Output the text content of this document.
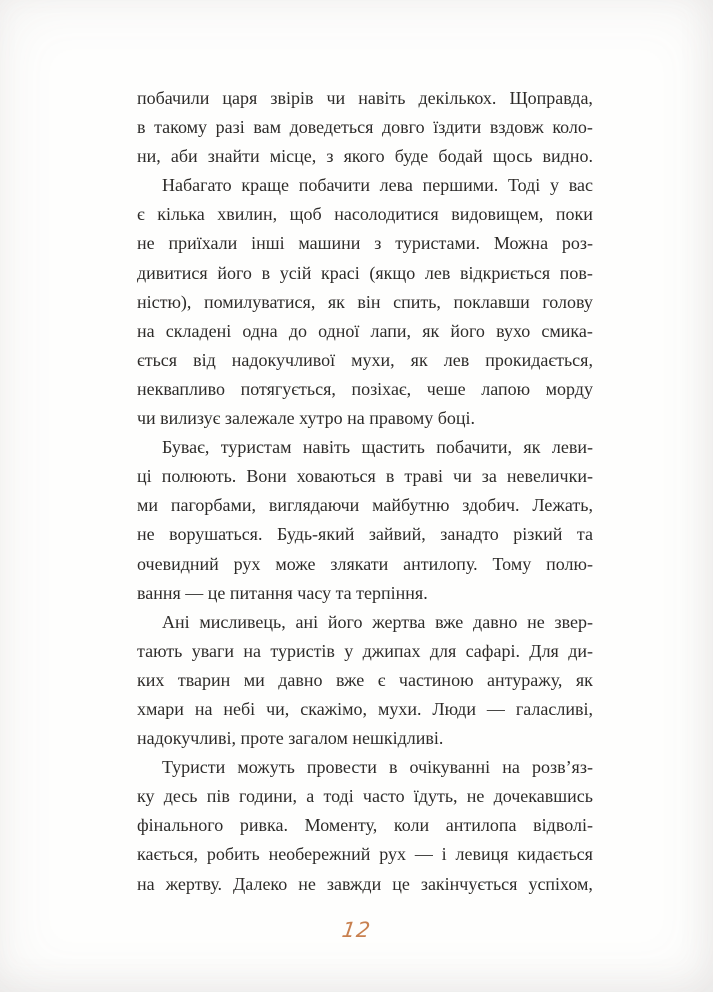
побачили царя звірів чи навіть декількох. Щоправда,
в такому разі вам доведеться довго їздити вздовж коло-
ни, аби знайти місце, з якого буде бодай щось видно.
Набагато краще побачити лева першими. Тоді у вас
є кілька хвилин, щоб насолодитися видовищем, поки
не приїхали інші машини з туристами. Можна роз-
дивитися його в усій красі (якщо лев відкриється пов-
ністю), помилуватися, як він спить, поклавши голову
на складені одна до одної лапи, як його вухо смика-
ється від надокучливої мухи, як лев прокидається,
неквапливо потягується, позіхає, чеше лапою морду
чи вилизує залежале хутро на правому боці.
Буває, туристам навіть щастить побачити, як леви-
ці полюють. Вони ховаються в траві чи за невелички-
ми пагорбами, виглядаючи майбутню здобич. Лежать,
не ворушаться. Будь-який зайвий, занадто різкий та
очевидний рух може злякати антилопу. Тому полю-
вання — це питання часу та терпіння.
Ані мисливець, ані його жертва вже давно не звер-
тають уваги на туристів у джипах для сафарі. Для ди-
ких тварин ми давно вже є частиною антуражу, як
хмари на небі чи, скажімо, мухи. Люди — галасливі,
надокучливі, проте загалом нешкідливі.
Туристи можуть провести в очікуванні на розв’яз-
ку десь пів години, а тоді часто їдуть, не дочекавшись
фінального ривка. Моменту, коли антилопа відволі-
кається, робить необережний рух — і левиця кидається
на жертву. Далеко не завжди це закінчується успіхом,
12
